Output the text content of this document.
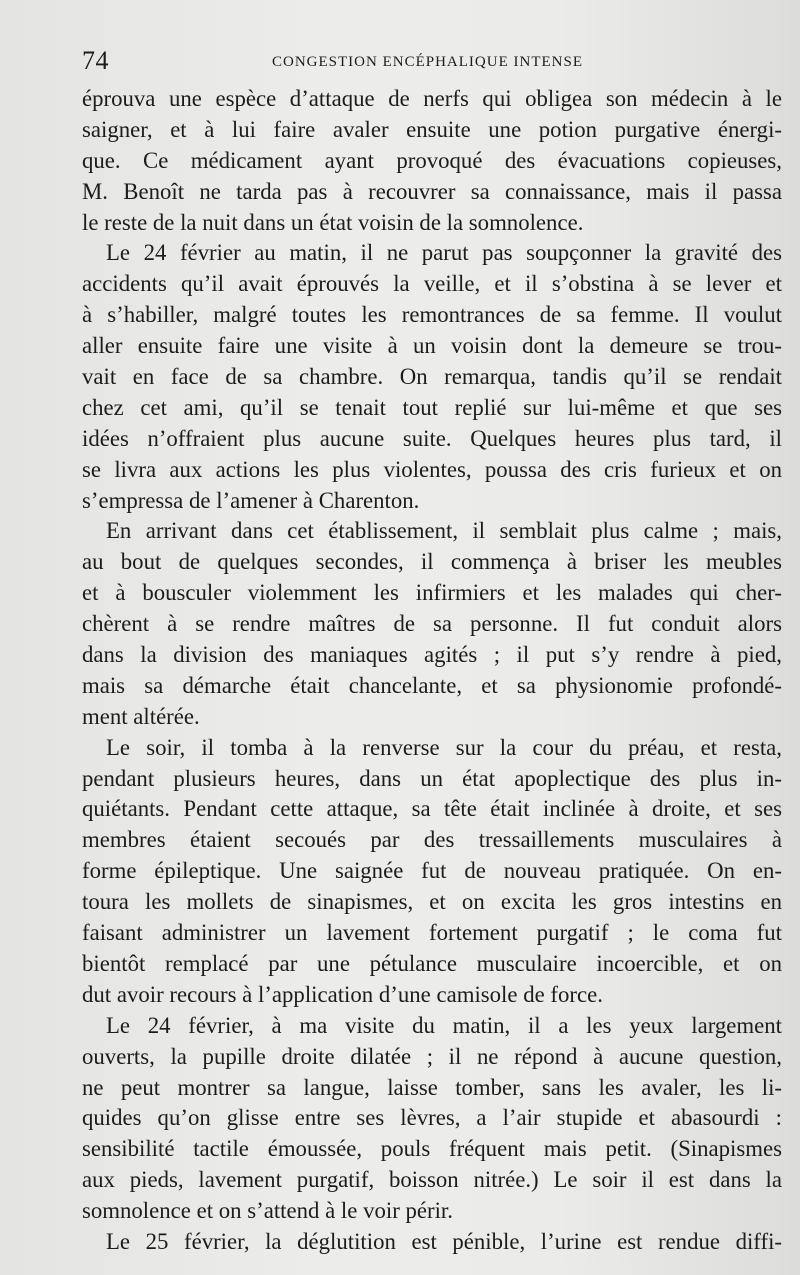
74	CONGESTION ENCÉPHALIQUE INTENSE
éprouva une espèce d’attaque de nerfs qui obligea son médecin à le
saigner, et à lui faire avaler ensuite une potion purgative énergi-
que. Ce médicament ayant provoqué des évacuations copieuses,
M. Benoît ne tarda pas à recouvrer sa connaissance, mais il passa
le reste de la nuit dans un état voisin de la somnolence.
Le 24 février au matin, il ne parut pas soupçonner la gravité des
accidents qu’il avait éprouvés la veille, et il s’obstina à se lever et
à s’habiller, malgré toutes les remontrances de sa femme. Il voulut
aller ensuite faire une visite à un voisin dont la demeure se trou-
vait en face de sa chambre. On remarqua, tandis qu’il se rendait
chez cet ami, qu’il se tenait tout replié sur lui-même et que ses
idées n’offraient plus aucune suite. Quelques heures plus tard, il
se livra aux actions les plus violentes, poussa des cris furieux et on
s’empressa de l’amener à Charenton.
En arrivant dans cet établissement, il semblait plus calme ; mais,
au bout de quelques secondes, il commença à briser les meubles
et à bousculer violemment les infirmiers et les malades qui cher-
chèrent à se rendre maîtres de sa personne. Il fut conduit alors
dans la division des maniaques agités ; il put s’y rendre à pied,
mais sa démarche était chancelante, et sa physionomie profondé-
ment altérée.
Le soir, il tomba à la renverse sur la cour du préau, et resta,
pendant plusieurs heures, dans un état apoplectique des plus in-
quiétants. Pendant cette attaque, sa tête était inclinée à droite, et ses
membres étaient secoués par des tressaillements musculaires à
forme épileptique. Une saignée fut de nouveau pratiquée. On en-
toura les mollets de sinapismes, et on excita les gros intestins en
faisant administrer un lavement fortement purgatif ; le coma fut
bientôt remplacé par une pétulance musculaire incoercible, et on
dut avoir recours à l’application d’une camisole de force.
Le 24 février, à ma visite du matin, il a les yeux largement
ouverts, la pupille droite dilatée ; il ne répond à aucune question,
ne peut montrer sa langue, laisse tomber, sans les avaler, les li-
quides qu’on glisse entre ses lèvres, a l’air stupide et abasourdi :
sensibilité tactile émoussée, pouls fréquent mais petit. (Sinapismes
aux pieds, lavement purgatif, boisson nitrée.) Le soir il est dans la
somnolence et on s’attend à le voir périr.
Le 25 février, la déglutition est pénible, l’urine est rendue diffi-
